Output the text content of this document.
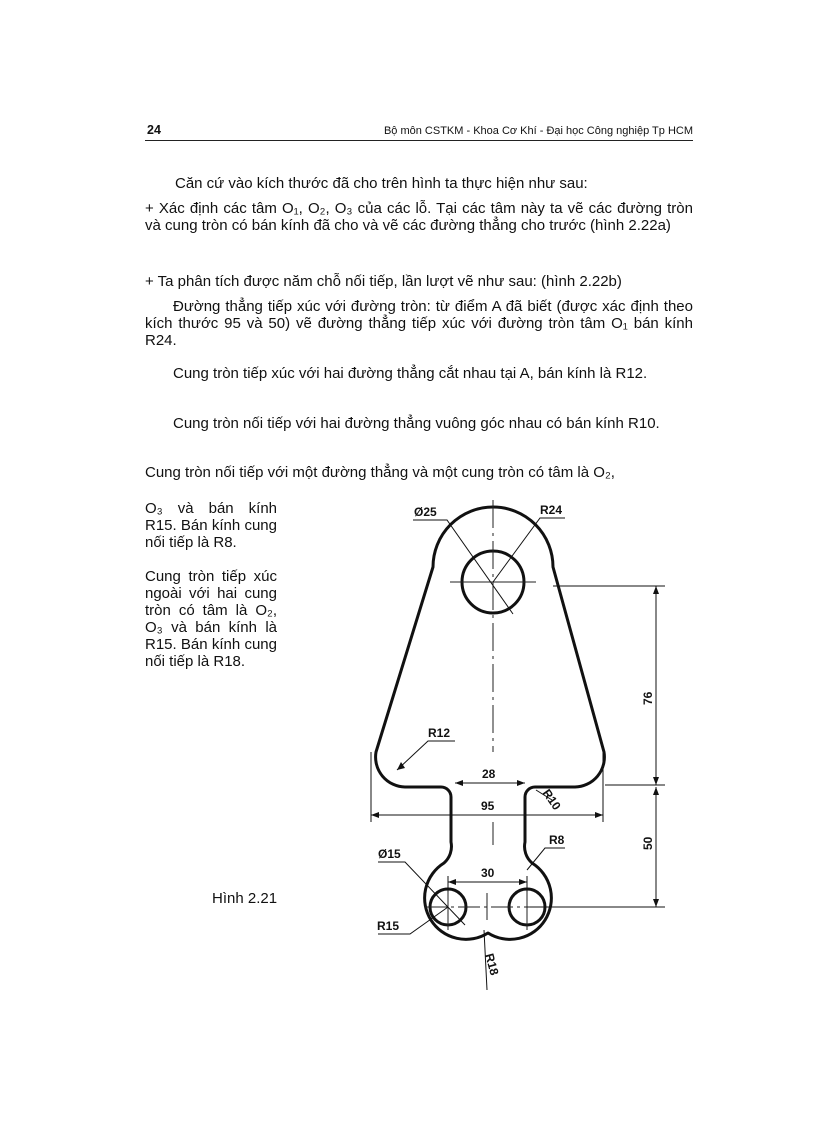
24	Bộ môn CSTKM - Khoa Cơ Khí - Đại học Công nghiệp Tp HCM

Căn cứ vào kích thước đã cho trên hình ta thực hiện như sau:

+ Xác định các tâm O₁, O₂, O₃ của các lỗ. Tại các tâm này ta vẽ các đường tròn và cung tròn có bán kính đã cho và vẽ các đường thẳng cho trước (hình 2.22a)

+ Ta phân tích được năm chỗ nối tiếp, lần lượt vẽ như sau: (hình 2.22b)

Đường thẳng tiếp xúc với đường tròn: từ điểm A đã biết (được xác định theo kích thước 95 và 50) vẽ đường thẳng tiếp xúc với đường tròn tâm O₁ bán kính R24.

Cung tròn tiếp xúc với hai đường thẳng cắt nhau tại A, bán kính là R12.

Cung tròn nối tiếp với hai đường thẳng vuông góc nhau có bán kính R10.

Cung tròn nối tiếp với một đường thẳng và một cung tròn có tâm là O₂,

O₃ và bán kính R15. Bán kính cung nối tiếp là R8.
Cung tròn tiếp xúc ngoài với hai cung tròn có tâm là O₂, O₃ và bán kính là R15. Bán kính cung nối tiếp là R18.
Hình 2.21
Ø25	R24
R12
28
95	R10
R8
76
50
Ø15
30
R15
R18
